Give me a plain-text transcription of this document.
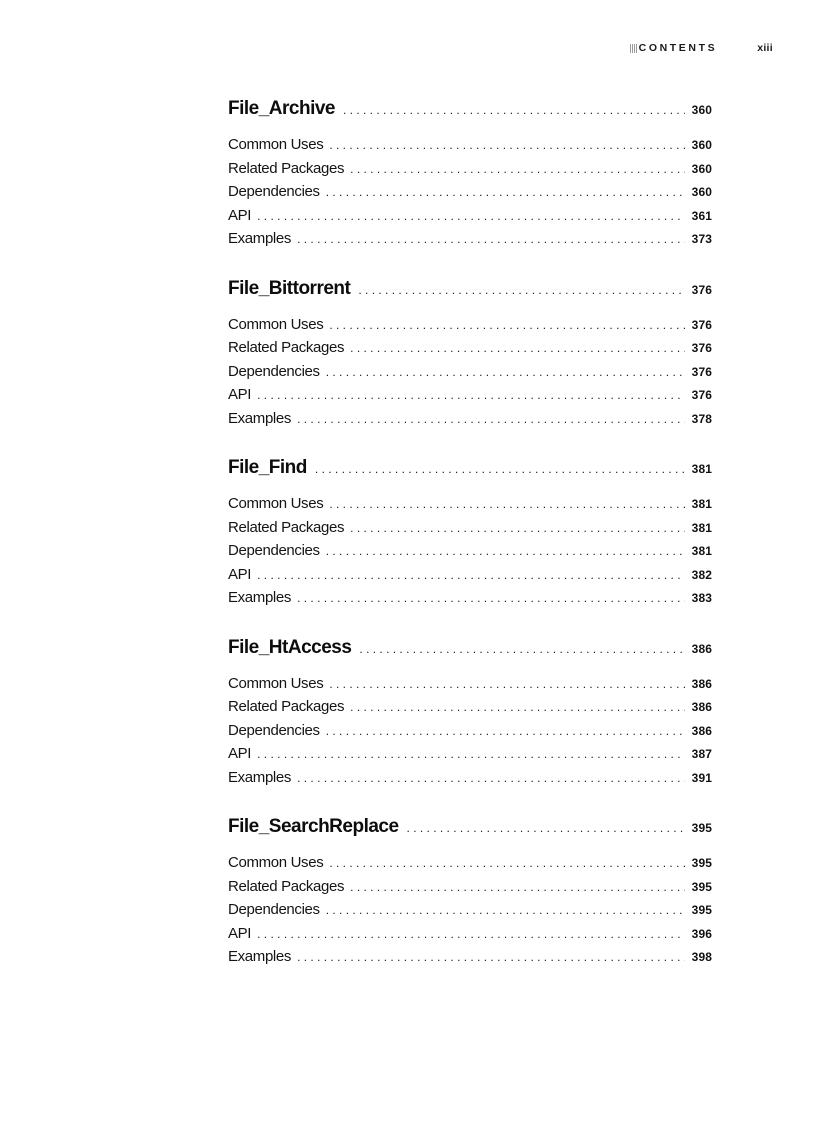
CONTENTS	xiii
File_Archive . . .	360
Common Uses . . .	360
Related Packages . . .	360
Dependencies . . .	360
API . . .	361
Examples . . .	373
File_Bittorrent . . .	376
Common Uses . . .	376
Related Packages . . .	376
Dependencies . . .	376
API . . .	376
Examples . . .	378
File_Find . . .	381
Common Uses . . .	381
Related Packages . . .	381
Dependencies . . .	381
API . . .	382
Examples . . .	383
File_HtAccess . . .	386
Common Uses . . .	386
Related Packages . . .	386
Dependencies . . .	386
API . . .	387
Examples . . .	391
File_SearchReplace . . .	395
Common Uses . . .	395
Related Packages . . .	395
Dependencies . . .	395
API . . .	396
Examples . . .	398
